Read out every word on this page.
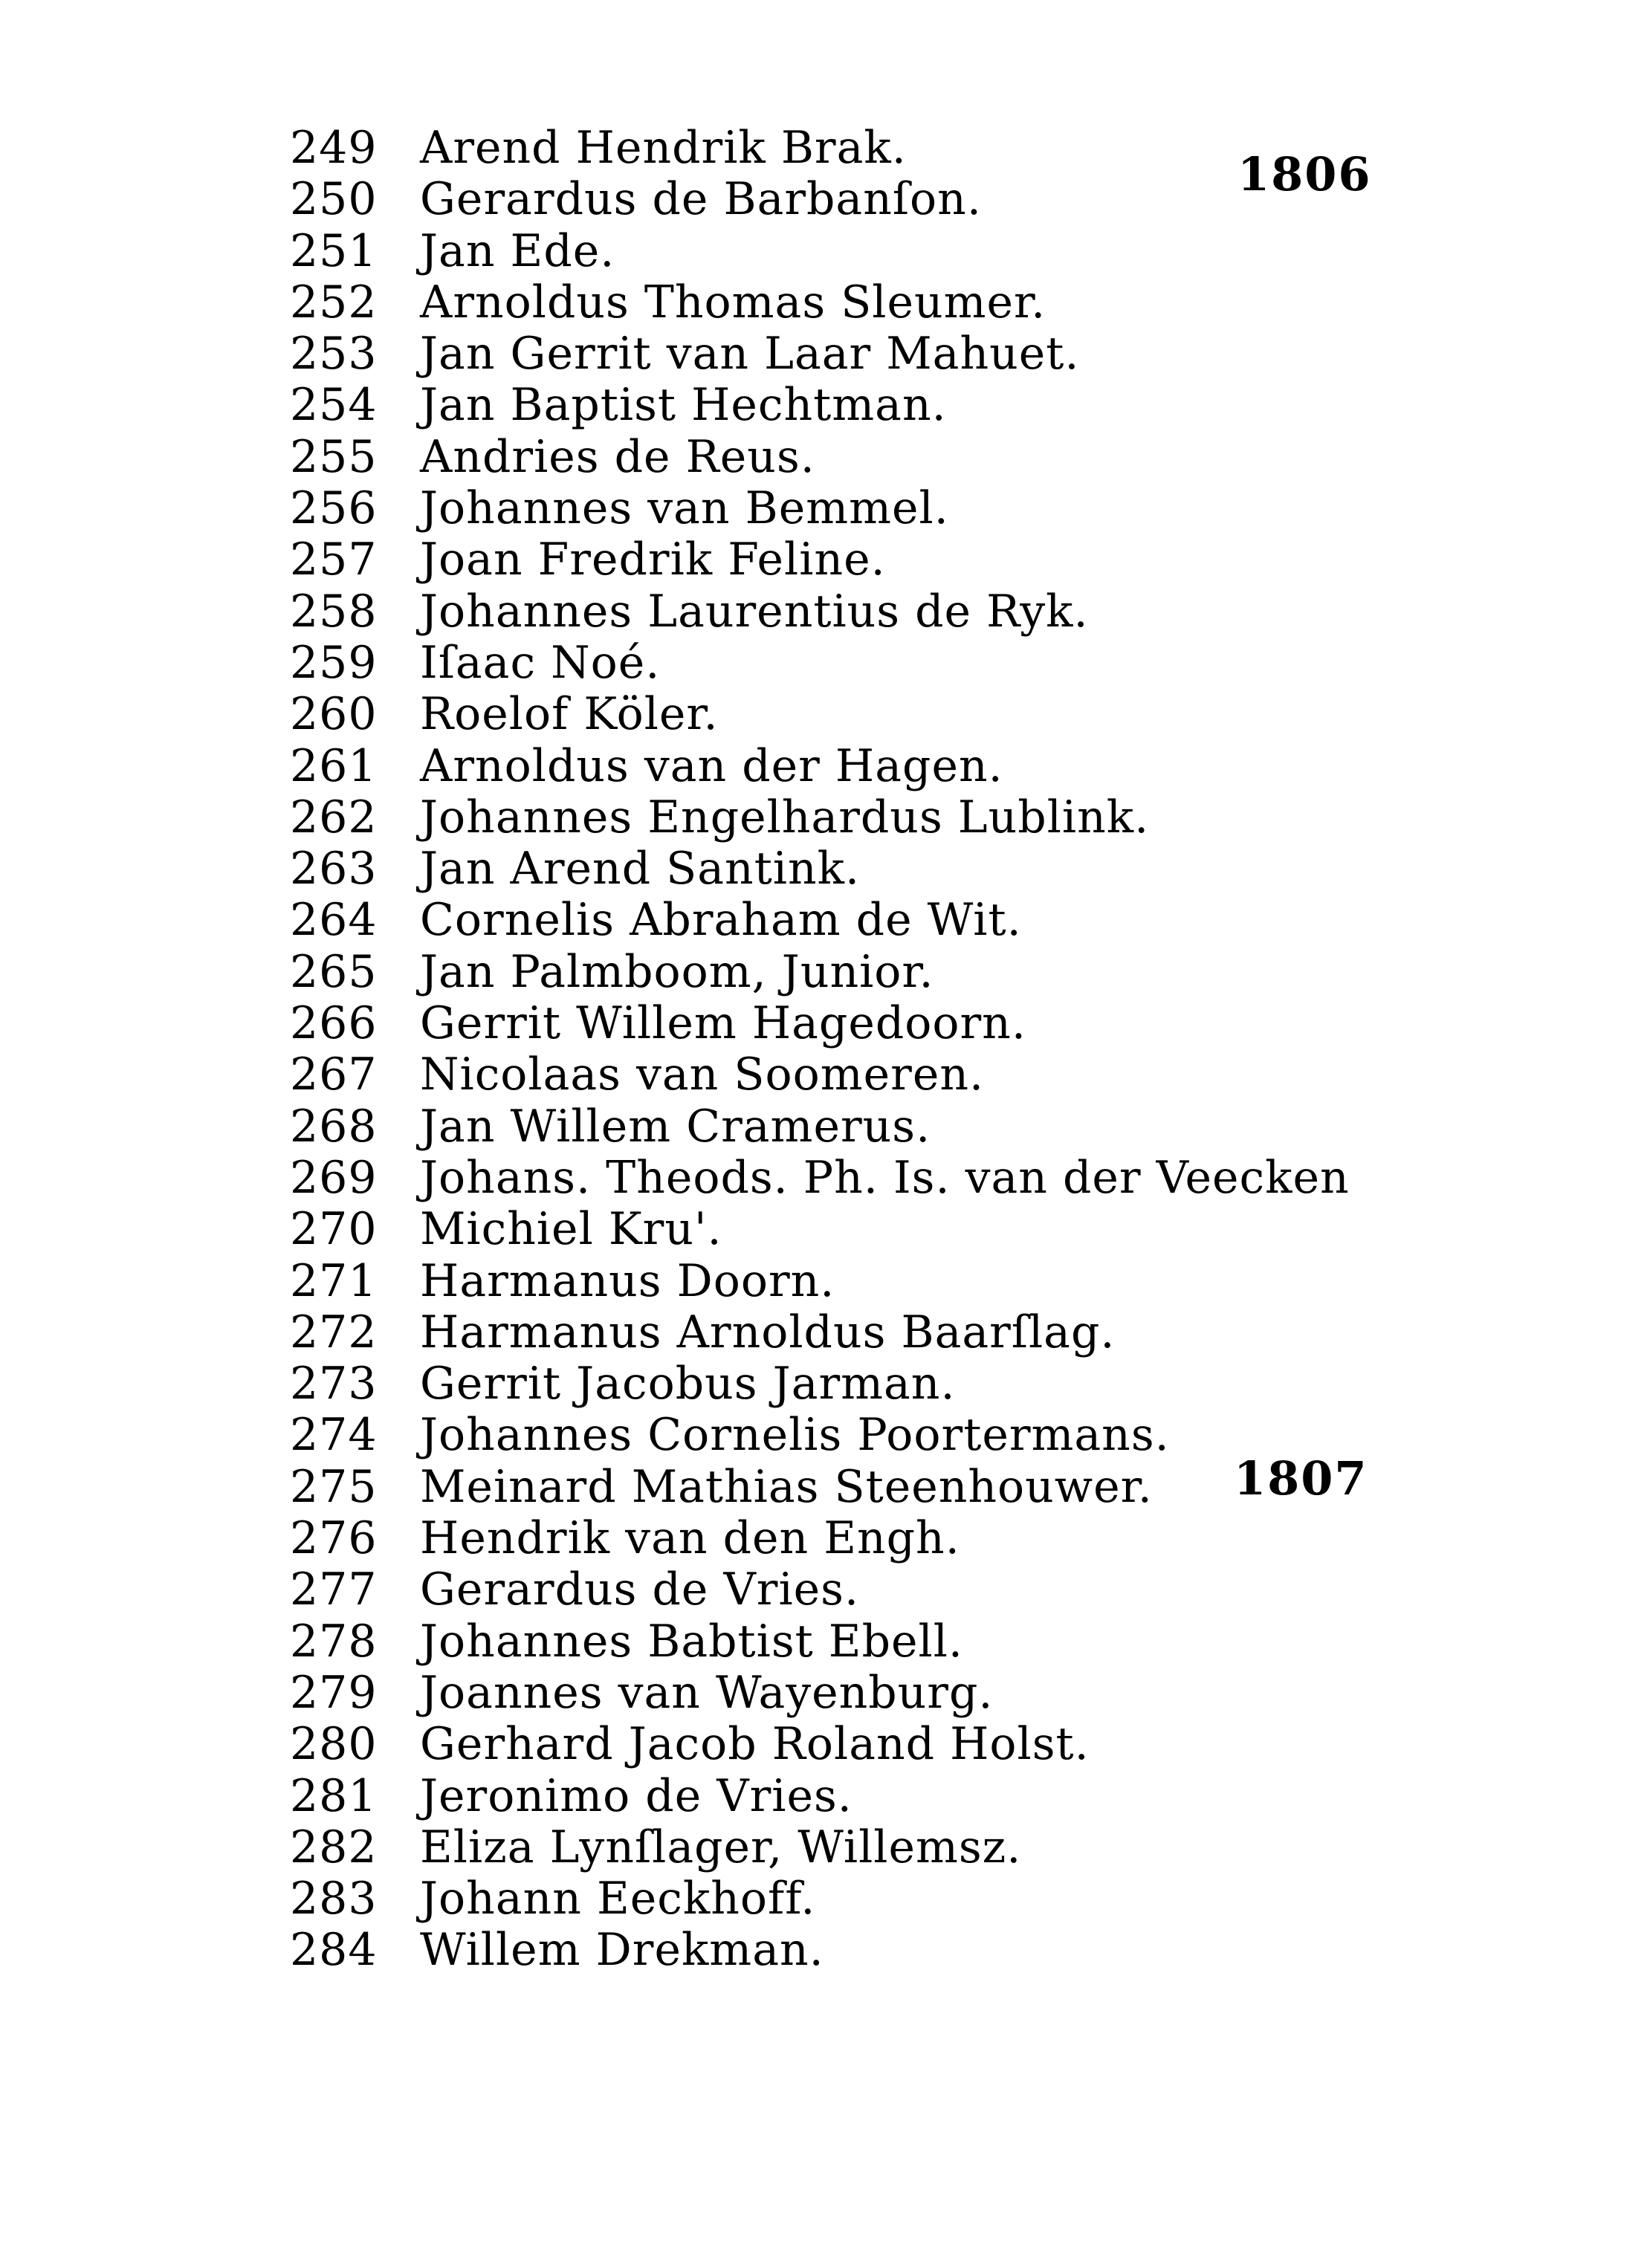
1806
1807
249 Arend Hendrik Brak.
250 Gerardus de Barbanſon.
251 Jan Ede.
252 Arnoldus Thomas Sleumer.
253 Jan Gerrit van Laar Mahuet.
254 Jan Baptist Hechtman.
255 Andries de Reus.
256 Johannes van Bemmel.
257 Joan Fredrik Feline.
258 Johannes Laurentius de Ryk.
259 Iſaac Noé.
260 Roelof Köler.
261 Arnoldus van der Hagen.
262 Johannes Engelhardus Lublink.
263 Jan Arend Santink.
264 Cornelis Abraham de Wit.
265 Jan Palmboom, Junior.
266 Gerrit Willem Hagedoorn.
267 Nicolaas van Soomeren.
268 Jan Willem Cramerus.
269 Johans. Theods. Ph. Is. van der Veecken
270 Michiel Kru'.
271 Harmanus Doorn.
272 Harmanus Arnoldus Baarſlag.
273 Gerrit Jacobus Jarman.
274 Johannes Cornelis Poortermans.
275 Meinard Mathias Steenhouwer.
276 Hendrik van den Engh.
277 Gerardus de Vries.
278 Johannes Babtist Ebell.
279 Joannes van Wayenburg.
280 Gerhard Jacob Roland Holst.
281 Jeronimo de Vries.
282 Eliza Lynſlager, Willemsz.
283 Johann Eeckhoff.
284 Willem Drekman.
